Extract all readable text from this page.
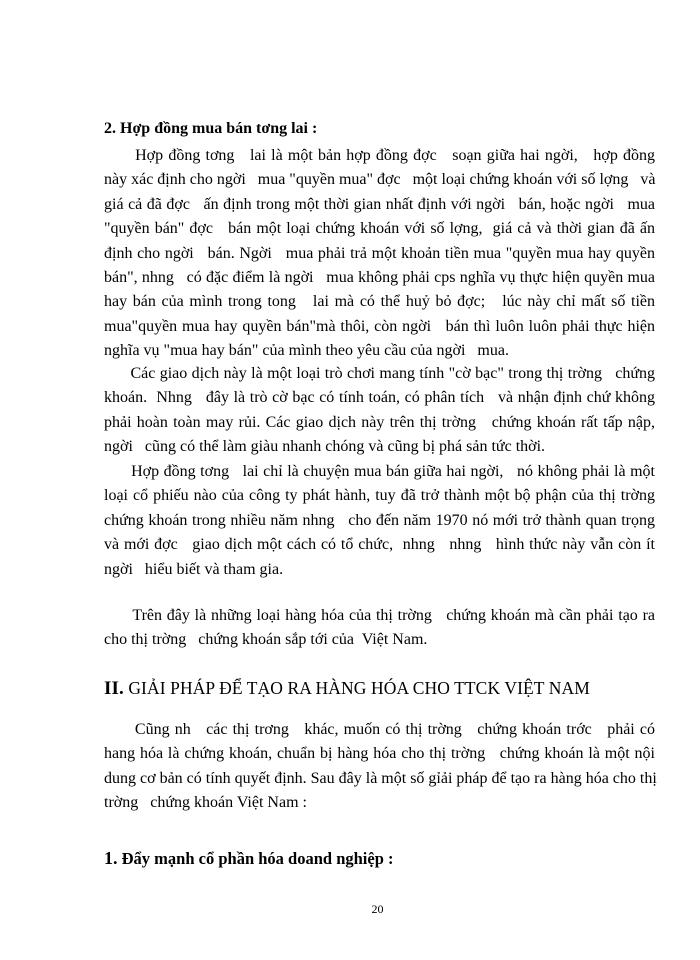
2. Hợp đồng mua bán tơng lai :

Hợp đồng tơng   lai là một bản hợp đồng đợc   soạn giữa hai ngời,   hợp đồng
này xác định cho ngời   mua "quyền mua" đợc   một loại chứng khoán với số lợng   và
giá cả đã đợc   ấn định trong một thời gian nhất định với ngời   bán, hoặc ngời   mua
"quyền bán" đợc   bán một loại chứng khoán với số lợng,  giá cả và thời gian đã ấn
định cho ngời   bán. Ngời   mua phải trả một khoản tiền mua "quyền mua hay quyền
bán", nhng   có đặc điểm là ngời   mua không phải cps nghĩa vụ thực hiện quyền mua
hay bán của mình trong tong   lai mà có thể huỷ bỏ đợc;   lúc này chỉ mất số tiền
mua"quyền mua hay quyền bán"mà thôi, còn ngời   bán thì luôn luôn phải thực hiện
nghĩa vụ "mua hay bán" của mình theo yêu cầu của ngời   mua.

Các giao dịch này là một loại trò chơi mang tính "cờ bạc" trong thị trờng   chứng
khoán.  Nhng   đây là trò cờ bạc có tính toán, có phân tích   và nhận định chứ không
phải hoàn toàn may rủi. Các giao dịch này trên thị trờng   chứng khoán rất tấp nập,
ngời   cũng có thể làm giàu nhanh chóng và cũng bị phá sản tức thời.

Hợp đồng tơng   lai chỉ là chuyện mua bán giữa hai ngời,   nó không phải là một
loại cổ phiếu nào của công ty phát hành, tuy đã trở thành một bộ phận của thị trờng
chứng khoán trong nhiều năm nhng   cho đến năm 1970 nó mới trở thành quan trọng
và mới đợc   giao dịch một cách có tổ chức,  nhng   nhng   hình thức này vẫn còn ít
ngời   hiểu biết và tham gia.

Trên đây là những loại hàng hóa của thị trờng   chứng khoán mà cần phải tạo ra
cho thị trờng   chứng khoán sắp tới của  Việt Nam.

II. GIẢI PHÁP ĐỂ TẠO RA HÀNG HÓA CHO TTCK VIỆT NAM

Cũng nh   các thị trơng   khác, muốn có thị trờng   chứng khoán trớc   phải có
hang hóa là chứng khoán, chuẩn bị hàng hóa cho thị trờng   chứng khoán là một nội
dung cơ bản có tính quyết định. Sau đây là một số gỉải pháp để tạo ra hàng hóa cho thị
trờng   chứng khoán Việt Nam :

1. Đẩy mạnh cổ phần hóa doand nghiệp :
20
